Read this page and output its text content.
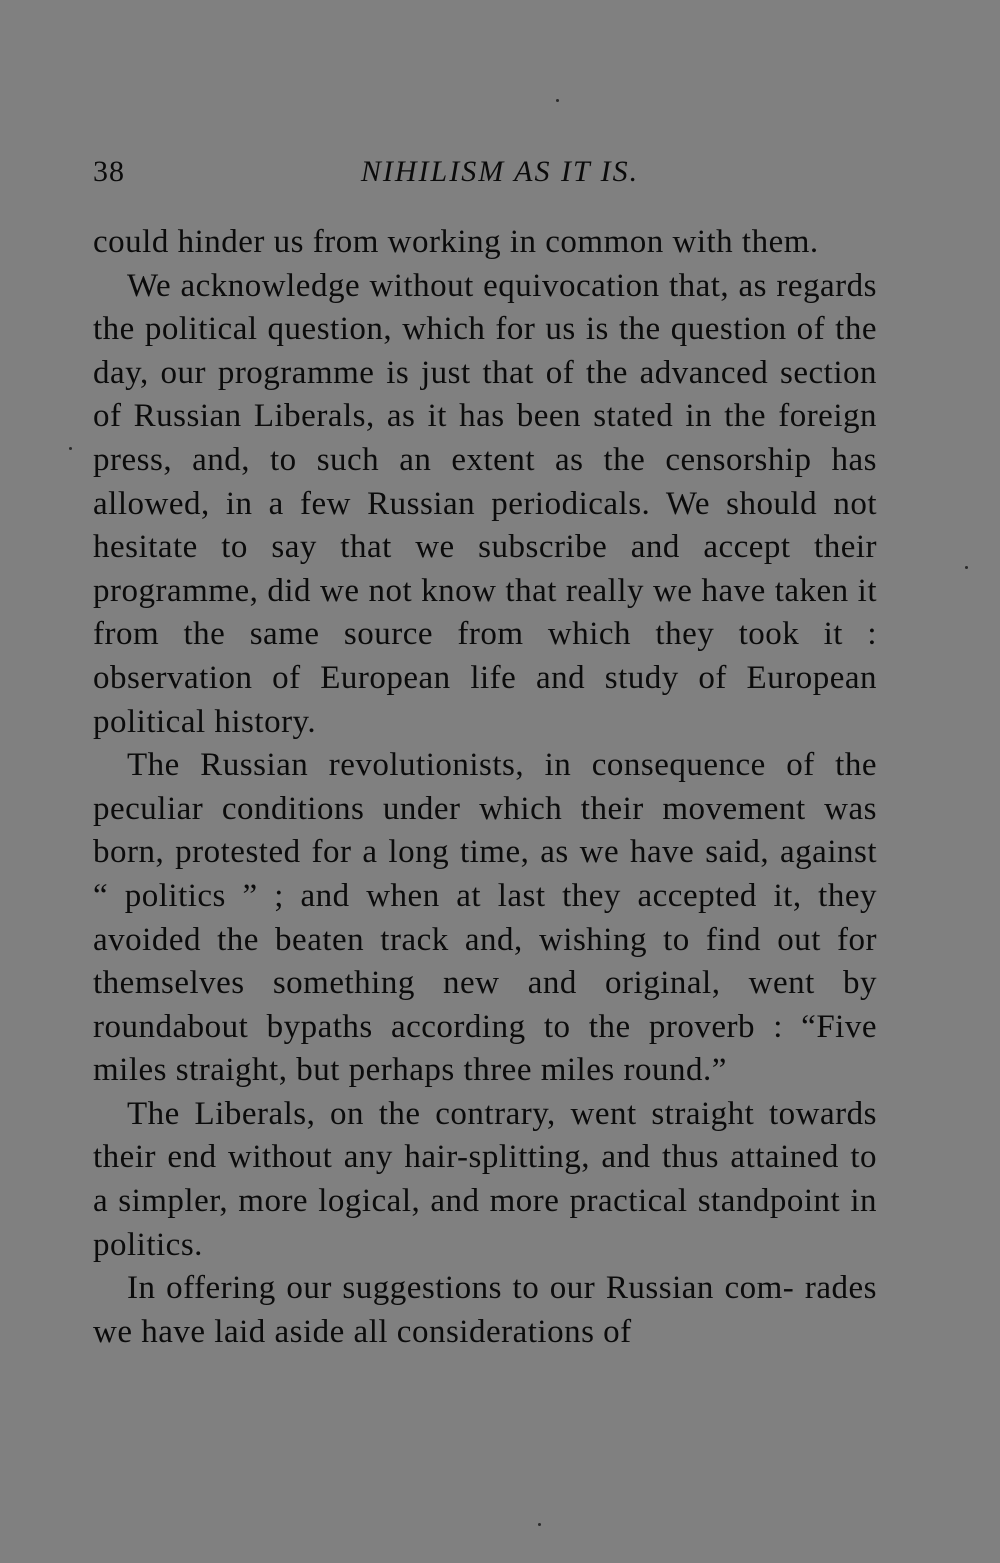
38	NIHILISM AS IT IS.

could hinder us from working in common with them.

We acknowledge without equivocation that, as regards the political question, which for us is the question of the day, our programme is just that of the advanced section of Russian Liberals, as it has been stated in the foreign press, and, to such an extent as the censorship has allowed, in a few Russian periodicals. We should not hesitate to say that we subscribe and accept their programme, did we not know that really we have taken it from the same source from which they took it : observation of European life and study of European political history.

The Russian revolutionists, in consequence of the peculiar conditions under which their movement was born, protested for a long time, as we have said, against “ politics ” ; and when at last they accepted it, they avoided the beaten track and, wishing to find out for themselves something new and original, went by roundabout bypaths according to the proverb : “Five miles straight, but perhaps three miles round.”

The Liberals, on the contrary, went straight towards their end without any hair-splitting, and thus attained to a simpler, more logical, and more practical standpoint in politics.

In offering our suggestions to our Russian com- rades we have laid aside all considerations of
